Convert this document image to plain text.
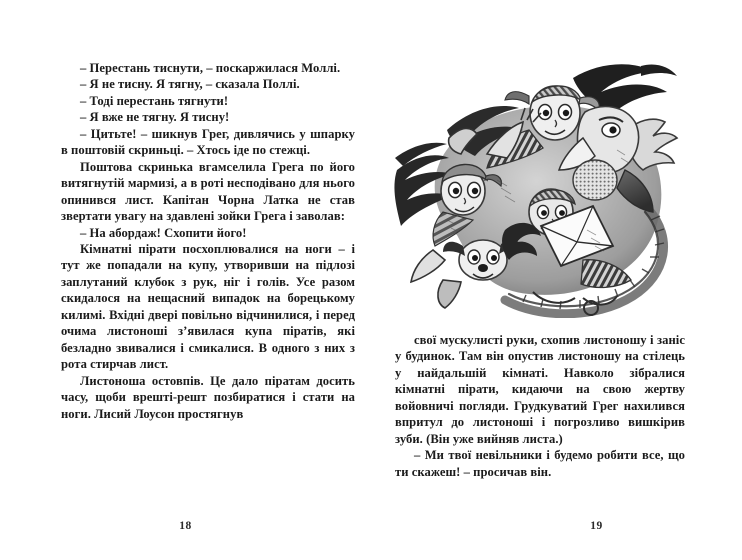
– Перестань тиснути, – поскаржилася Моллі.

– Я не тисну. Я тягну, – сказала Поллі.

– Тоді перестань тягнути!

– Я вже не тягну. Я тисну!

– Цитьте! – шикнув Грег, дивлячись у шпарку в поштовій скриньці. – Хтось іде по стежці.

Поштова скринька вгамселила Грега по його витягнутій мармизі, а в роті несподівано для нього опинився лист. Капітан Чорна Латка не став звертати увагу на здавлені зойки Грега і заволав:

– На абордаж! Схопити його!

Кімнатні пірати посхоплювалися на ноги – і тут же попадали на купу, утворивши на підлозі заплутаний клубок з рук, ніг і голів. Усе разом скидалося на нещасний випадок на борецькому килимі. Вхідні двері повільно відчинилися, і перед очима листоноші з’явилася купа піратів, які безладно звивалися і смикалися. В одного з них з рота стирчав лист.

Листоноша остовпів. Це дало піратам досить часу, щоби врешті-решт позбиратися і стати на ноги. Лисий Лоусон простягнув

18

свої мускулисті руки, схопив листоношу і заніс у будинок. Там він опустив листоношу на стілець у найдальшій кімнаті. Навколо зібралися кімнатні пірати, кидаючи на свою жертву войовничі погляди. Грудкуватий Грег нахилився впритул до листоноші і погрозливо вишкірив зуби. (Він уже вийняв листа.)

– Ми твої невільники і будемо робити все, що ти скажеш! – просичав він.

19
